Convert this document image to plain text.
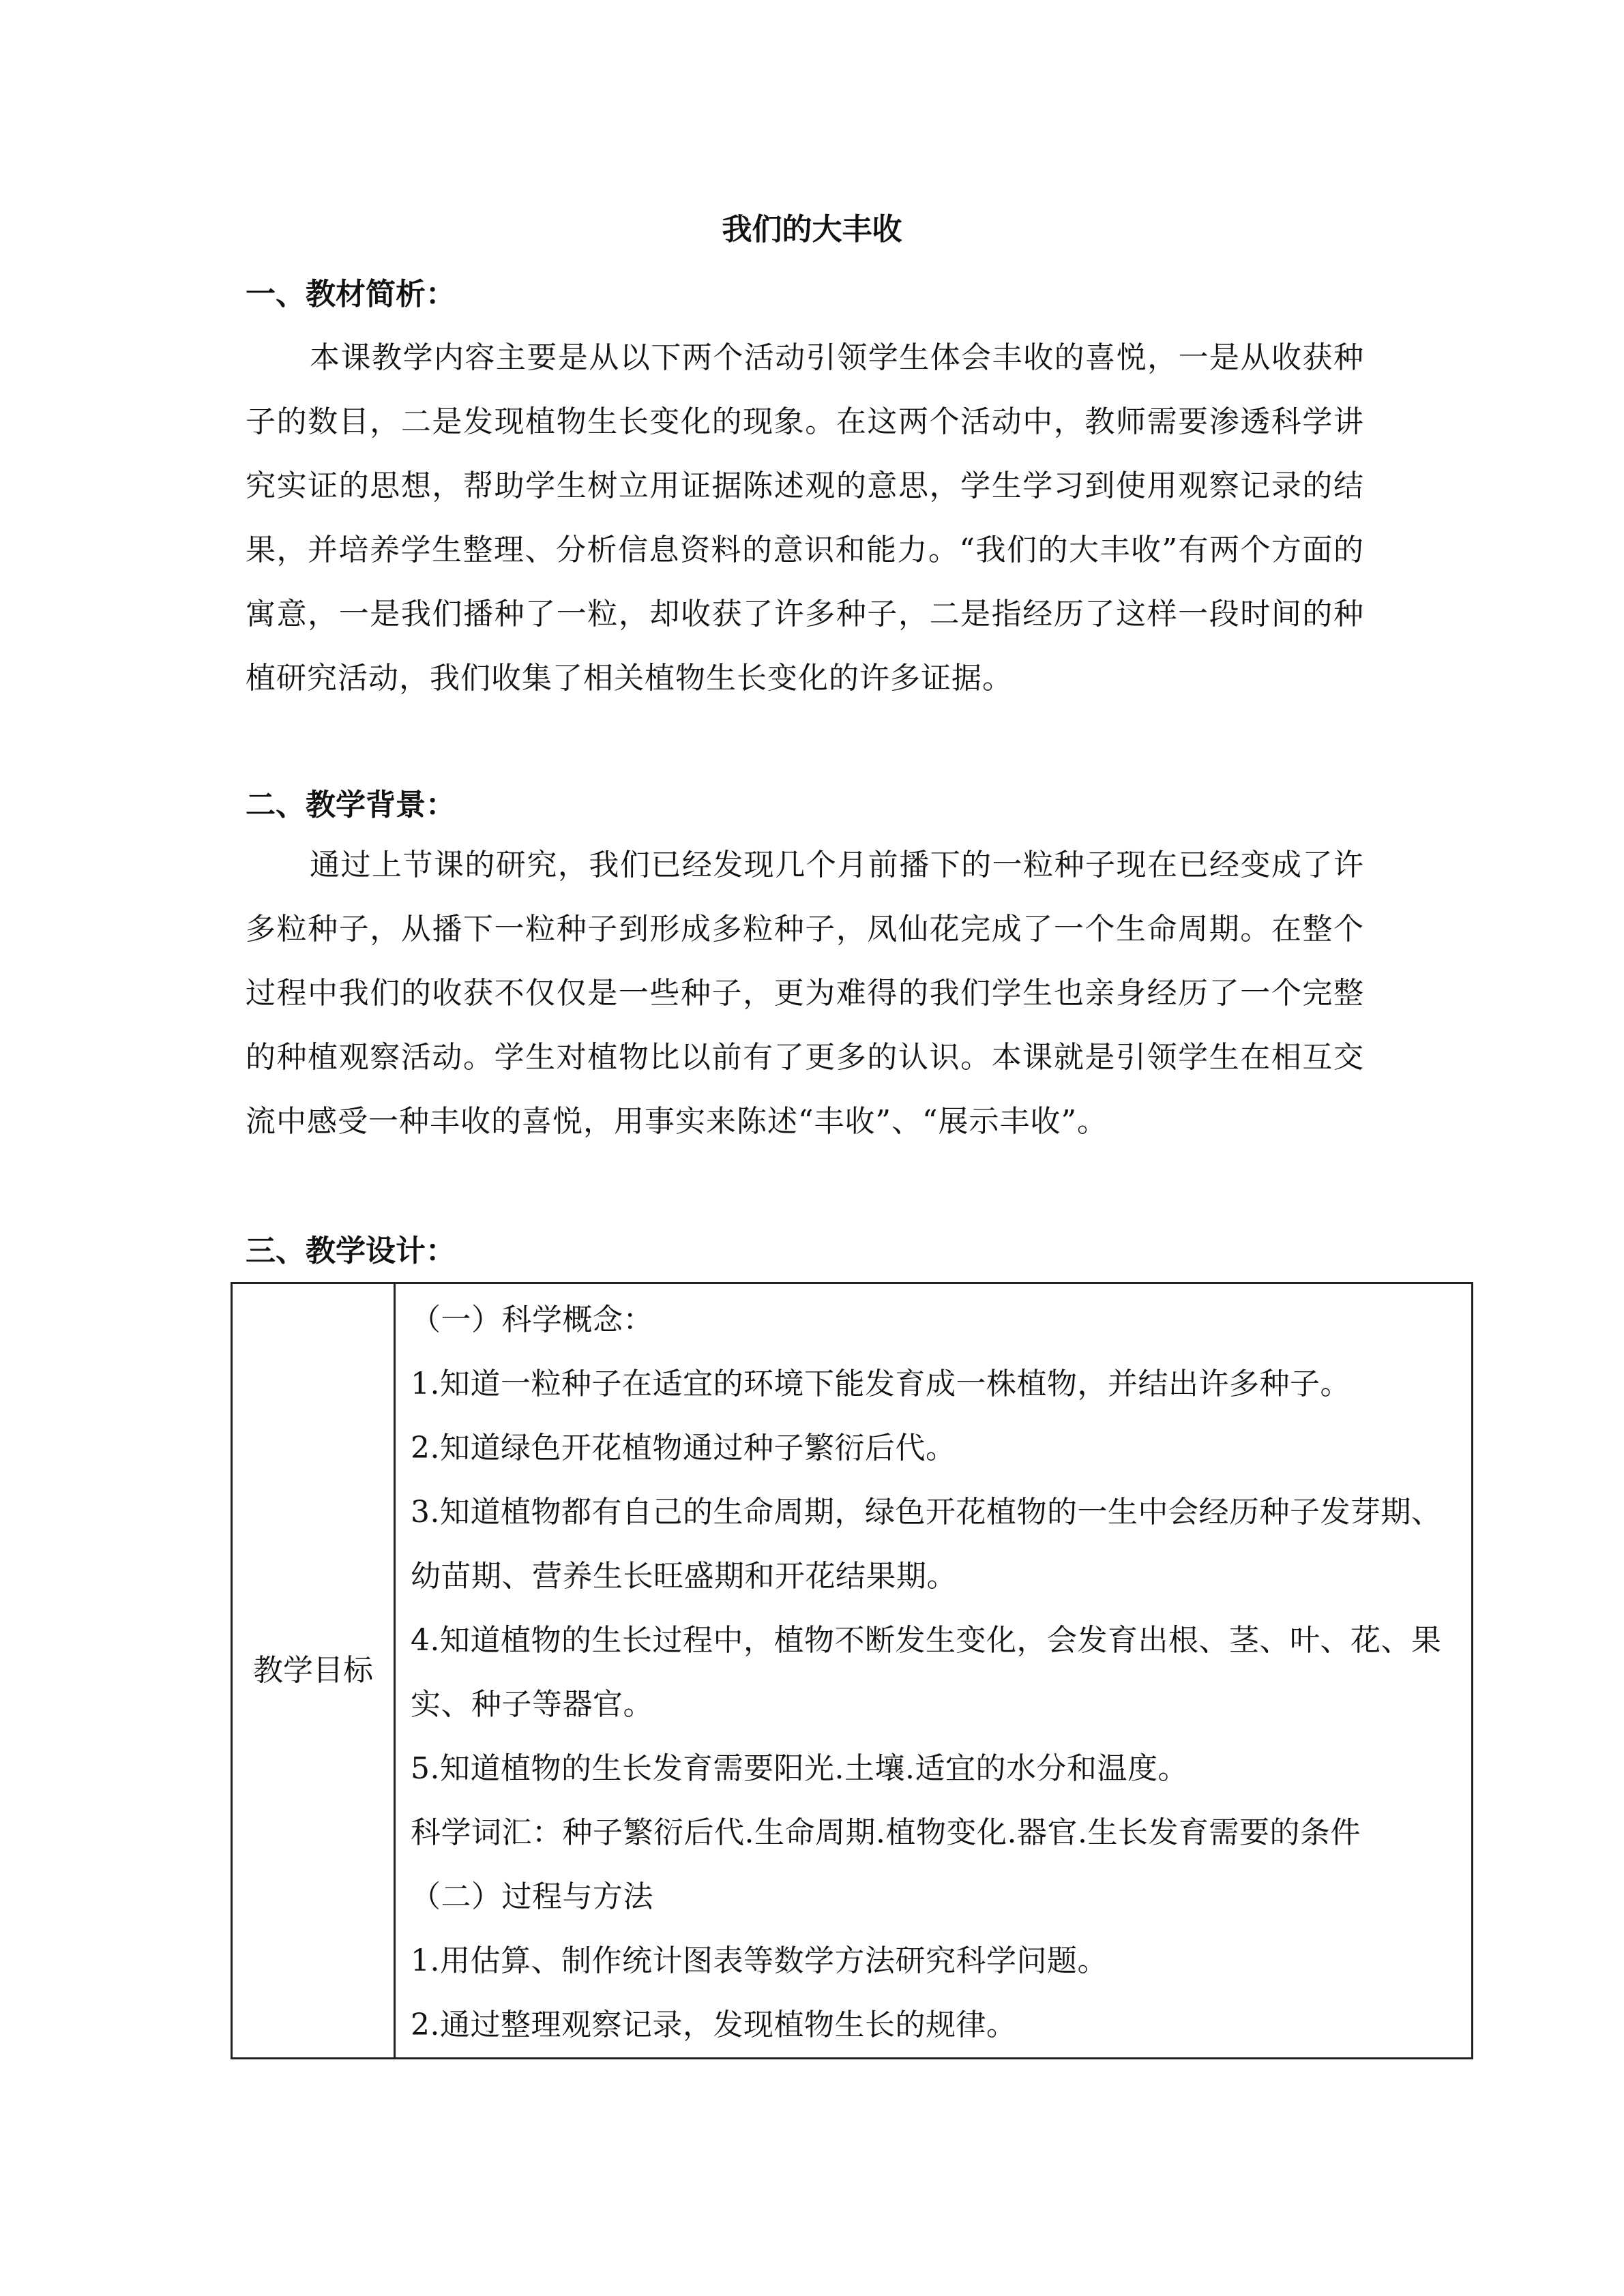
我们的大丰收
一、教材简析：
本课教学内容主要是从以下两个活动引领学生体会丰收的喜悦，一是从收获种子的数目，二是发现植物生长变化的现象。在这两个活动中，教师需要渗透科学讲究实证的思想，帮助学生树立用证据陈述观的意思，学生学习到使用观察记录的结果，并培养学生整理、分析信息资料的意识和能力。“我们的大丰收”有两个方面的寓意，一是我们播种了一粒，却收获了许多种子，二是指经历了这样一段时间的种植研究活动，我们收集了相关植物生长变化的许多证据。
二、教学背景：
通过上节课的研究，我们已经发现几个月前播下的一粒种子现在已经变成了许多粒种子，从播下一粒种子到形成多粒种子，凤仙花完成了一个生命周期。在整个过程中我们的收获不仅仅是一些种子，更为难得的我们学生也亲身经历了一个完整的种植观察活动。学生对植物比以前有了更多的认识。本课就是引领学生在相互交流中感受一种丰收的喜悦，用事实来陈述“丰收”、“展示丰收”。
三、教学设计：
教学目标	
（一）科学概念：
1.知道一粒种子在适宜的环境下能发育成一株植物，并结出许多种子。
2.知道绿色开花植物通过种子繁衍后代。
3.知道植物都有自己的生命周期，绿色开花植物的一生中会经历种子发芽期、幼苗期、营养生长旺盛期和开花结果期。
4.知道植物的生长过程中，植物不断发生变化，会发育出根、茎、叶、花、果实、种子等器官。
5.知道植物的生长发育需要阳光.土壤.适宜的水分和温度。
科学词汇：种子繁衍后代.生命周期.植物变化.器官.生长发育需要的条件
（二）过程与方法
1.用估算、制作统计图表等数学方法研究科学问题。
2.通过整理观察记录，发现植物生长的规律。
